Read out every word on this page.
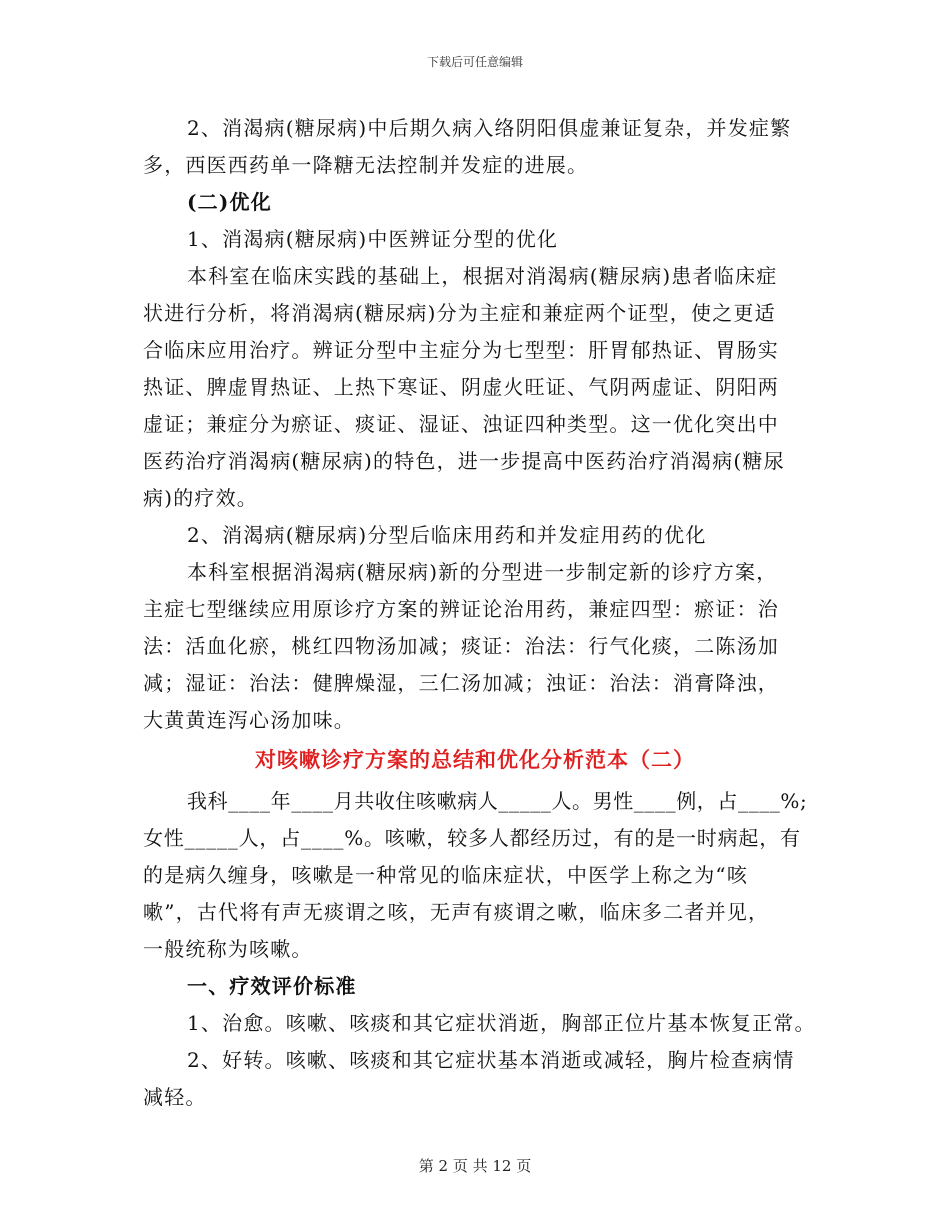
下载后可任意编辑
2、消渴病(糖尿病)中后期久病入络阴阳俱虚兼证复杂，并发症繁
多，西医西药单一降糖无法控制并发症的进展。
(二)优化
1、消渴病(糖尿病)中医辨证分型的优化
本科室在临床实践的基础上，根据对消渴病(糖尿病)患者临床症
状进行分析，将消渴病(糖尿病)分为主症和兼症两个证型，使之更适
合临床应用治疗。辨证分型中主症分为七型型：肝胃郁热证、胃肠实
热证、脾虚胃热证、上热下寒证、阴虚火旺证、气阴两虚证、阴阳两
虚证；兼症分为瘀证、痰证、湿证、浊证四种类型。这一优化突出中
医药治疗消渴病(糖尿病)的特色，进一步提高中医药治疗消渴病(糖尿
病)的疗效。
2、消渴病(糖尿病)分型后临床用药和并发症用药的优化
本科室根据消渴病(糖尿病)新的分型进一步制定新的诊疗方案，
主症七型继续应用原诊疗方案的辨证论治用药，兼症四型：瘀证：治
法：活血化瘀，桃红四物汤加减；痰证：治法：行气化痰，二陈汤加
减；湿证：治法：健脾燥湿，三仁汤加减；浊证：治法：消膏降浊，
大黄黄连泻心汤加味。
对咳嗽诊疗方案的总结和优化分析范本（二）
我科____年____月共收住咳嗽病人_____人。男性____例，占____%;
女性_____人，占____%。咳嗽，较多人都经历过，有的是一时病起，有
的是病久缠身，咳嗽是一种常见的临床症状，中医学上称之为“咳
嗽”，古代将有声无痰谓之咳，无声有痰谓之嗽，临床多二者并见，
一般统称为咳嗽。
一、疗效评价标准
1、治愈。咳嗽、咳痰和其它症状消逝，胸部正位片基本恢复正常。
2、好转。咳嗽、咳痰和其它症状基本消逝或减轻，胸片检查病情
减轻。
第 2 页 共 12 页
